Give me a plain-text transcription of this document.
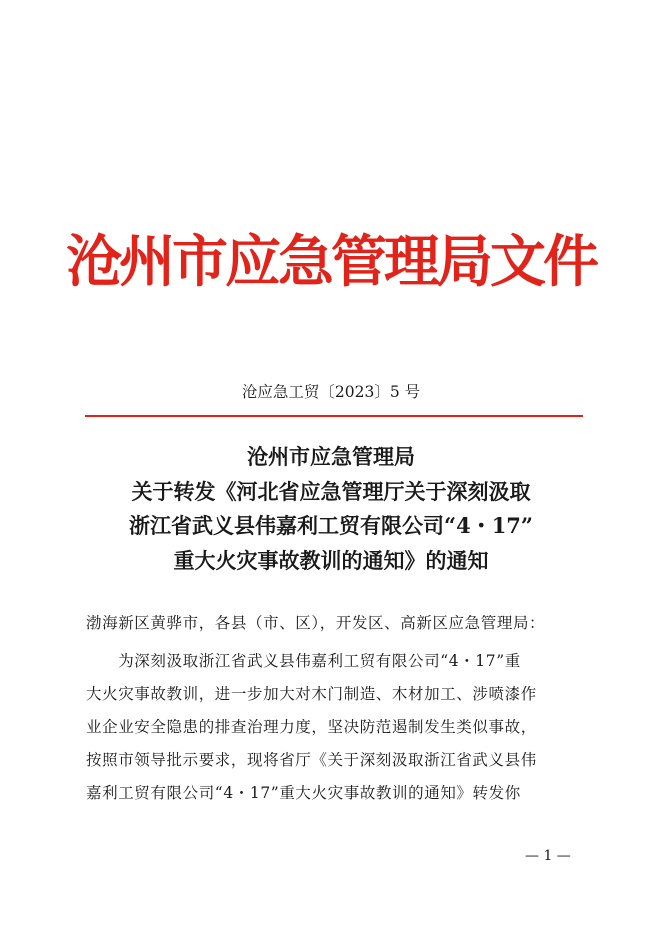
沧州市应急管理局文件
沧应急工贸〔2023〕5 号
沧州市应急管理局
关于转发《河北省应急管理厅关于深刻汲取
浙江省武义县伟嘉利工贸有限公司“4・17”
重大火灾事故教训的通知》的通知
渤海新区黄骅市，各县（市、区），开发区、高新区应急管理局：
　　为深刻汲取浙江省武义县伟嘉利工贸有限公司“4・17”重
大火灾事故教训，进一步加大对木门制造、木材加工、涉喷漆作
业企业安全隐患的排查治理力度，坚决防范遏制发生类似事故，
按照市领导批示要求，现将省厅《关于深刻汲取浙江省武义县伟
嘉利工贸有限公司“4・17”重大火灾事故教训的通知》转发你
— 1 —
